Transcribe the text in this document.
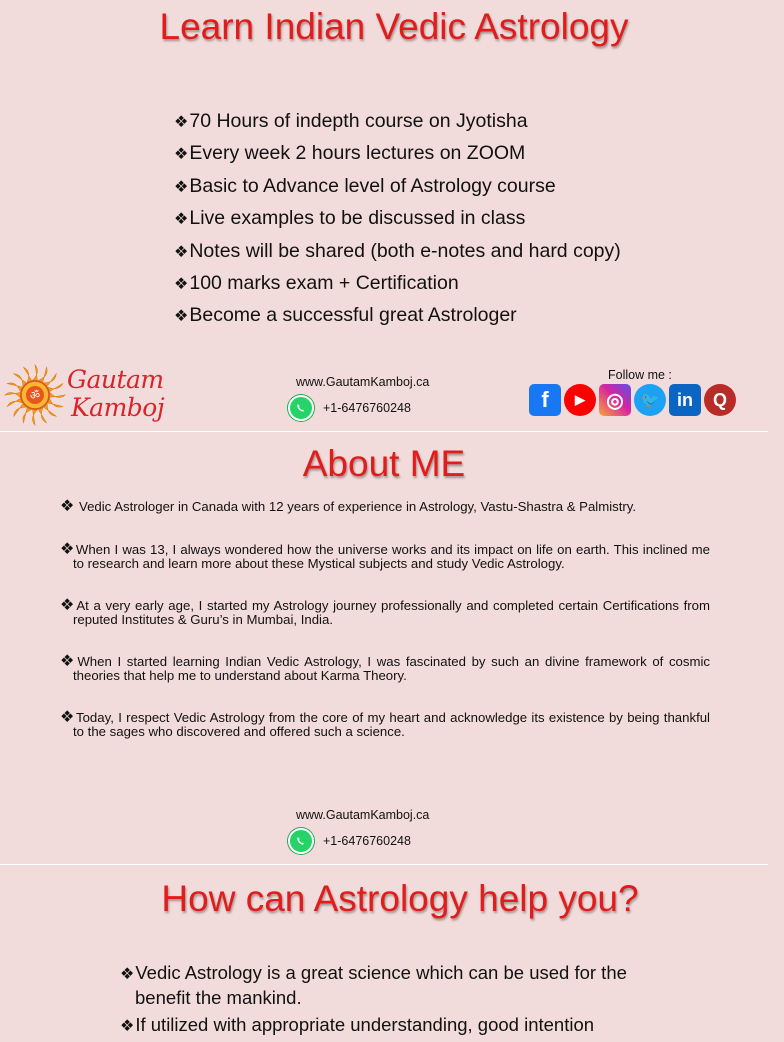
Learn Indian Vedic Astrology
❖70 Hours of indepth course on Jyotisha
❖Every week 2 hours lectures on ZOOM
❖Basic to Advance level of Astrology course
❖Live examples to be discussed in class
❖Notes will be shared (both e-notes and hard copy)
❖100 marks exam + Certification
❖Become a successful great Astrologer
ॐ
Gautam
Kamboj
www.GautamKamboj.ca
+1-6476760248
Follow me :
f	▶	◎	🐦 in	Q
About ME
❖ Vedic Astrologer in Canada with 12 years of experience in Astrology, Vastu-Shastra & Palmistry.
❖When I was 13, I always wondered how the universe works and its impact on life on earth. This inclined me to research and learn more about these Mystical subjects and study Vedic Astrology.
❖At a very early age, I started my Astrology journey professionally and completed certain Certifications from reputed Institutes & Guru’s in Mumbai, India.
❖When I started learning Indian Vedic Astrology, I was fascinated by such an divine framework of cosmic theories that help me to understand about Karma Theory.
❖Today, I respect Vedic Astrology from the core of my heart and acknowledge its existence by being thankful to the sages who discovered and offered such a science.
www.GautamKamboj.ca
+1-6476760248
How can Astrology help you?
❖Vedic Astrology is a great science which can be used for the benefit the mankind.
❖If utilized with appropriate understanding, good intention
